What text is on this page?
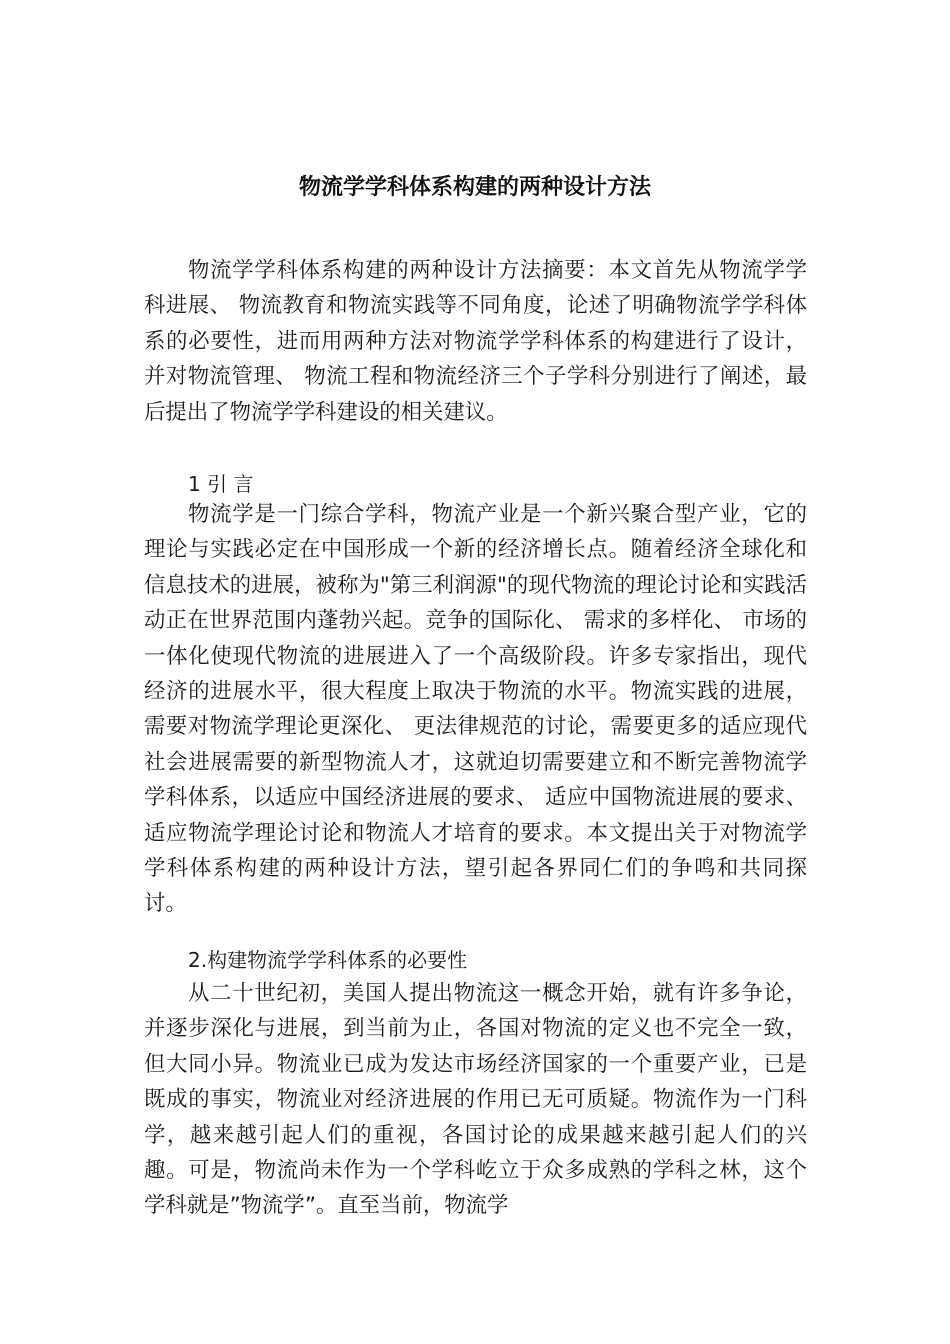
物流学学科体系构建的两种设计方法

物流学学科体系构建的两种设计方法摘要：本文首先从物流学学科进展、 物流教育和物流实践等不同角度，论述了明确物流学学科体系的必要性，进而用两种方法对物流学学科体系的构建进行了设计，并对物流管理、 物流工程和物流经济三个子学科分别进行了阐述，最后提出了物流学学科建设的相关建议。

1 引 言

物流学是一门综合学科，物流产业是一个新兴聚合型产业，它的理论与实践必定在中国形成一个新的经济增长点。随着经济全球化和信息技术的进展，被称为"第三利润源"的现代物流的理论讨论和实践活动正在世界范围内蓬勃兴起。竞争的国际化、 需求的多样化、 市场的一体化使现代物流的进展进入了一个高级阶段。许多专家指出，现代经济的进展水平，很大程度上取决于物流的水平。物流实践的进展，需要对物流学理论更深化、 更法律规范的讨论，需要更多的适应现代社会进展需要的新型物流人才，这就迫切需要建立和不断完善物流学学科体系，以适应中国经济进展的要求、 适应中国物流进展的要求、 适应物流学理论讨论和物流人才培育的要求。本文提出关于对物流学学科体系构建的两种设计方法，望引起各界同仁们的争鸣和共同探讨。

2.构建物流学学科体系的必要性

从二十世纪初，美国人提出物流这一概念开始，就有许多争论，并逐步深化与进展，到当前为止，各国对物流的定义也不完全一致，但大同小异。物流业已成为发达市场经济国家的一个重要产业，已是既成的事实，物流业对经济进展的作用已无可质疑。物流作为一门科学，越来越引起人们的重视，各国讨论的成果越来越引起人们的兴趣。可是，物流尚未作为一个学科屹立于众多成熟的学科之林，这个学科就是”物流学”。直至当前，物流学
